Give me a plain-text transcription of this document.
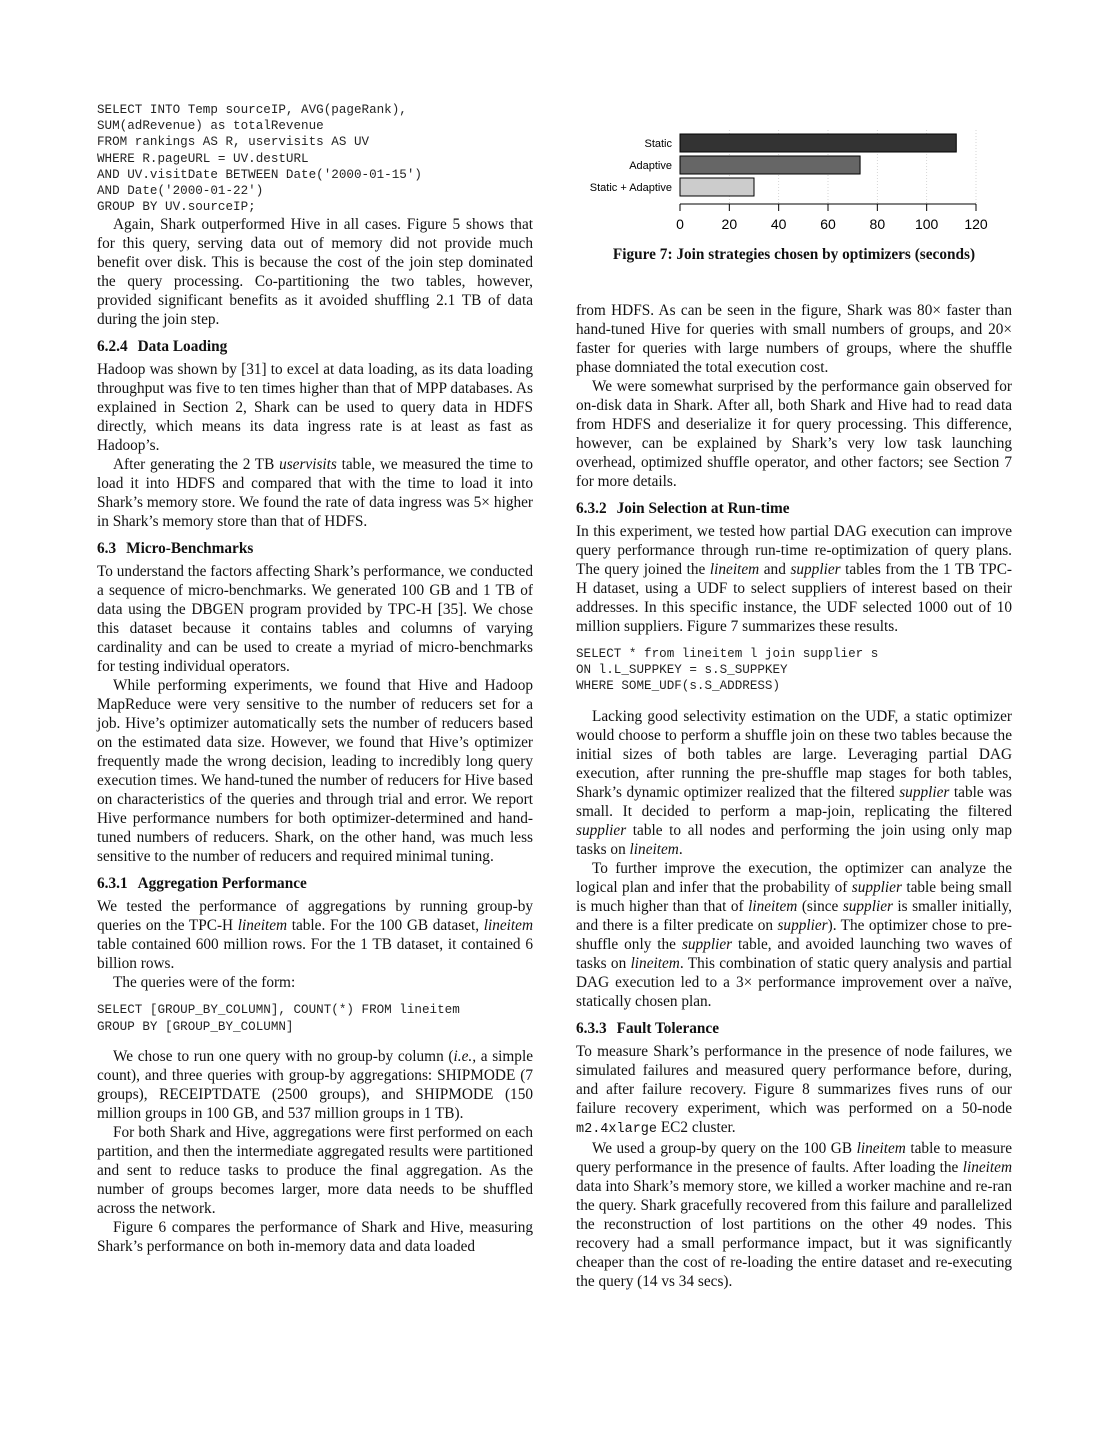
SELECT INTO Temp sourceIP, AVG(pageRank),
SUM(adRevenue) as totalRevenue
FROM rankings AS R, uservisits AS UV
WHERE R.pageURL = UV.destURL
AND UV.visitDate BETWEEN Date('2000-01-15')
AND Date('2000-01-22')
GROUP BY UV.sourceIP;

Again, Shark outperformed Hive in all cases. Figure 5 shows that for this query, serving data out of memory did not provide much benefit over disk. This is because the cost of the join step dominated the query processing. Co-partitioning the two tables, however, provided significant benefits as it avoided shuffling 2.1 TB of data during the join step.

6.2.4 Data Loading

Hadoop was shown by [31] to excel at data loading, as its data loading throughput was five to ten times higher than that of MPP databases. As explained in Section 2, Shark can be used to query data in HDFS directly, which means its data ingress rate is at least as fast as Hadoop’s.

After generating the 2 TB uservisits table, we measured the time to load it into HDFS and compared that with the time to load it into Shark’s memory store. We found the rate of data ingress was 5× higher in Shark’s memory store than that of HDFS.

6.3 Micro-Benchmarks

To understand the factors affecting Shark’s performance, we conducted a sequence of micro-benchmarks. We generated 100 GB and 1 TB of data using the DBGEN program provided by TPC-H [35]. We chose this dataset because it contains tables and columns of varying cardinality and can be used to create a myriad of micro-benchmarks for testing individual operators.

While performing experiments, we found that Hive and Hadoop MapReduce were very sensitive to the number of reducers set for a job. Hive’s optimizer automatically sets the number of reducers based on the estimated data size. However, we found that Hive’s optimizer frequently made the wrong decision, leading to incredibly long query execution times. We hand-tuned the number of reducers for Hive based on characteristics of the queries and through trial and error. We report Hive performance numbers for both optimizer-determined and hand-tuned numbers of reducers. Shark, on the other hand, was much less sensitive to the number of reducers and required minimal tuning.

6.3.1 Aggregation Performance

We tested the performance of aggregations by running group-by queries on the TPC-H lineitem table. For the 100 GB dataset, lineitem table contained 600 million rows. For the 1 TB dataset, it contained 6 billion rows.

The queries were of the form:

SELECT [GROUP_BY_COLUMN], COUNT(*) FROM lineitem
GROUP BY [GROUP_BY_COLUMN]

We chose to run one query with no group-by column (i.e., a simple count), and three queries with group-by aggregations: SHIPMODE (7 groups), RECEIPTDATE (2500 groups), and SHIPMODE (150 million groups in 100 GB, and 537 million groups in 1 TB).

For both Shark and Hive, aggregations were first performed on each partition, and then the intermediate aggregated results were partitioned and sent to reduce tasks to produce the final aggregation. As the number of groups becomes larger, more data needs to be shuffled across the network.

Figure 6 compares the performance of Shark and Hive, measuring Shark’s performance on both in-memory data and data loaded

0	20 40 60 80 100 120
Static
Adaptive
Static + Adaptive
Figure 7: Join strategies chosen by optimizers (seconds)

from HDFS. As can be seen in the figure, Shark was 80× faster than hand-tuned Hive for queries with small numbers of groups, and 20× faster for queries with large numbers of groups, where the shuffle phase domniated the total execution cost.

We were somewhat surprised by the performance gain observed for on-disk data in Shark. After all, both Shark and Hive had to read data from HDFS and deserialize it for query processing. This difference, however, can be explained by Shark’s very low task launching overhead, optimized shuffle operator, and other factors; see Section 7 for more details.

6.3.2 Join Selection at Run-time

In this experiment, we tested how partial DAG execution can improve query performance through run-time re-optimization of query plans. The query joined the lineitem and supplier tables from the 1 TB TPC-H dataset, using a UDF to select suppliers of interest based on their addresses. In this specific instance, the UDF selected 1000 out of 10 million suppliers. Figure 7 summarizes these results.

SELECT * from lineitem l join supplier s
ON l.L_SUPPKEY = s.S_SUPPKEY
WHERE SOME_UDF(s.S_ADDRESS)

Lacking good selectivity estimation on the UDF, a static optimizer would choose to perform a shuffle join on these two tables because the initial sizes of both tables are large. Leveraging partial DAG execution, after running the pre-shuffle map stages for both tables, Shark’s dynamic optimizer realized that the filtered supplier table was small. It decided to perform a map-join, replicating the filtered supplier table to all nodes and performing the join using only map tasks on lineitem.

To further improve the execution, the optimizer can analyze the logical plan and infer that the probability of supplier table being small is much higher than that of lineitem (since supplier is smaller initially, and there is a filter predicate on supplier). The optimizer chose to pre-shuffle only the supplier table, and avoided launching two waves of tasks on lineitem. This combination of static query analysis and partial DAG execution led to a 3× performance improvement over a naïve, statically chosen plan.

6.3.3 Fault Tolerance

To measure Shark’s performance in the presence of node failures, we simulated failures and measured query performance before, during, and after failure recovery. Figure 8 summarizes fives runs of our failure recovery experiment, which was performed on a 50-node m2.4xlarge EC2 cluster.

We used a group-by query on the 100 GB lineitem table to measure query performance in the presence of faults. After loading the lineitem data into Shark’s memory store, we killed a worker machine and re-ran the query. Shark gracefully recovered from this failure and parallelized the reconstruction of lost partitions on the other 49 nodes. This recovery had a small performance impact, but it was significantly cheaper than the cost of re-loading the entire dataset and re-executing the query (14 vs 34 secs).
